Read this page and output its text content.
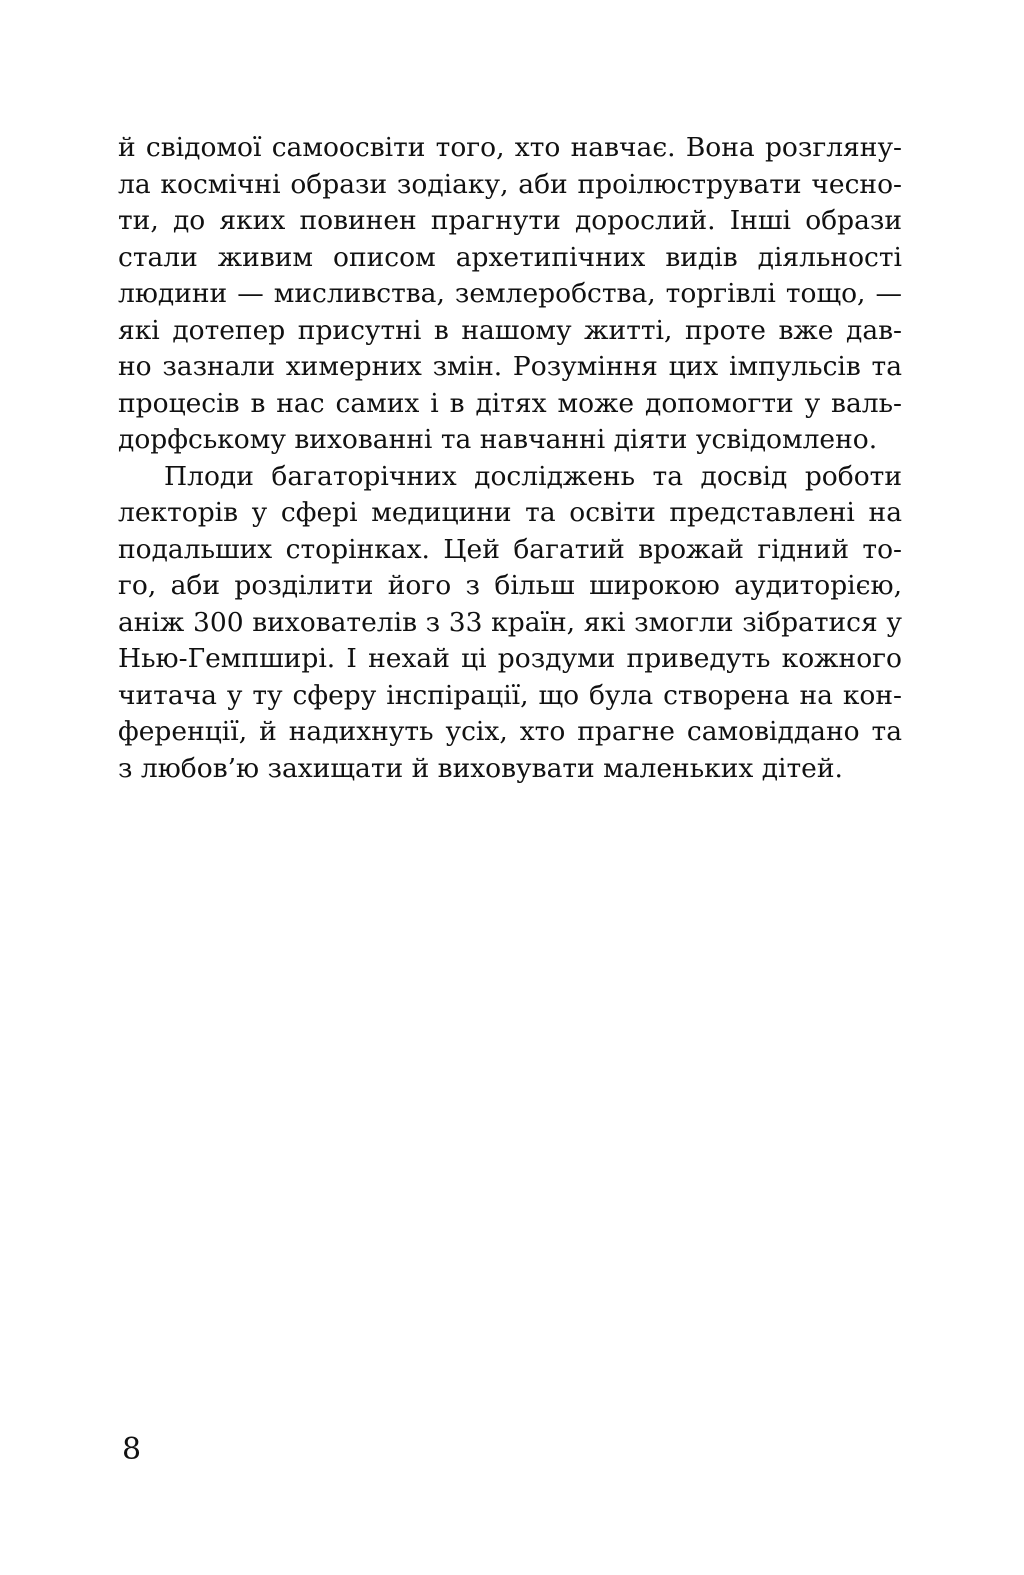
й свідомої самоосвіти того, хто навчає. Вона розгляну-
ла космічні образи зодіаку, аби проілюструвати чесно-
ти, до яких повинен прагнути дорослий. Інші образи
стали живим описом архетипічних видів діяльності
людини — мисливства, землеробства, торгівлі тощо, —
які дотепер присутні в нашому житті, проте вже дав-
но зазнали химерних змін. Розуміння цих імпульсів та
процесів в нас самих і в дітях може допомогти у валь-
дорфському вихованні та навчанні діяти усвідомлено.
Плоди багаторічних досліджень та досвід роботи
лекторів у сфері медицини та освіти представлені на
подальших сторінках. Цей багатий врожай гідний то-
го, аби розділити його з більш широкою аудиторією,
аніж 300 вихователів з 33 країн, які змогли зібратися у
Нью-Гемпширі. І нехай ці роздуми приведуть кожного
читача у ту сферу інспірації, що була створена на кон-
ференції, й надихнуть усіх, хто прагне самовіддано та
з любов’ю захищати й виховувати маленьких дітей.
8
